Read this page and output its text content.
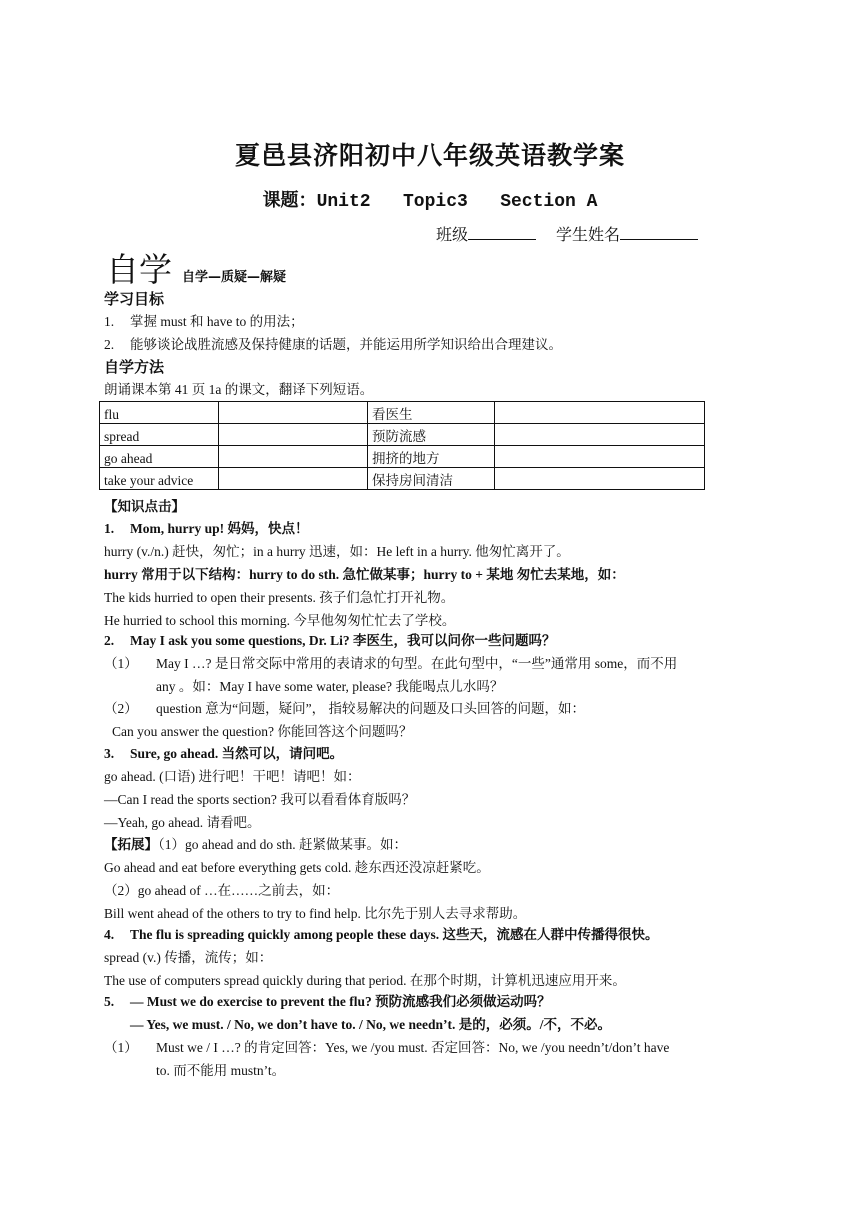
夏邑县济阳初中八年级英语教学案
课题：Unit2 Topic3 Section A
班级	学生姓名
自学 自学—质疑—解疑
学习目标
1. 掌握 must 和 have to 的用法；
2. 能够谈论战胜流感及保持健康的话题，并能运用所学知识给出合理建议。
自学方法
朗诵课本第 41 页 1a 的课文，翻译下列短语。
flu		看医生	
spread		预防流感	
go ahead		拥挤的地方	
take your advice		保持房间清洁	
【知识点击】
1. Mom, hurry up! 妈妈，快点！
hurry (v./n.) 赶快，匆忙；in a hurry 迅速，如：He left in a hurry. 他匆忙离开了。
hurry 常用于以下结构：hurry to do sth. 急忙做某事；hurry to + 某地 匆忙去某地，如：
The kids hurried to open their presents. 孩子们急忙打开礼物。
He hurried to school this morning. 今早他匆匆忙忙去了学校。
2. May I ask you some questions, Dr. Li? 李医生，我可以问你一些问题吗？
（1） May I …? 是日常交际中常用的表请求的句型。在此句型中，“一些”通常用 some，而不用
any 。如：May I have some water, please? 我能喝点儿水吗？
（2） question 意为“问题，疑问”， 指较易解决的问题及口头回答的问题，如：
Can you answer the question? 你能回答这个问题吗？
3. Sure, go ahead. 当然可以，请问吧。
go ahead. (口语) 进行吧！干吧！请吧！如：
—Can I read the sports section? 我可以看看体育版吗？
—Yeah, go ahead. 请看吧。
【拓展】（1）go ahead and do sth. 赶紧做某事。如：
Go ahead and eat before everything gets cold. 趁东西还没凉赶紧吃。
（2）go ahead of …在……之前去，如：
Bill went ahead of the others to try to find help. 比尔先于别人去寻求帮助。
4. The flu is spreading quickly among people these days. 这些天，流感在人群中传播得很快。
spread (v.) 传播，流传；如：
The use of computers spread quickly during that period. 在那个时期，计算机迅速应用开来。
5. — Must we do exercise to prevent the flu? 预防流感我们必须做运动吗？
— Yes, we must. / No, we don’t have to. / No, we needn’t. 是的，必须。/不，不必。
（1） Must we / I …? 的肯定回答：Yes, we /you must. 否定回答：No, we /you needn’t/don’t have
to. 而不能用 mustn’t。
